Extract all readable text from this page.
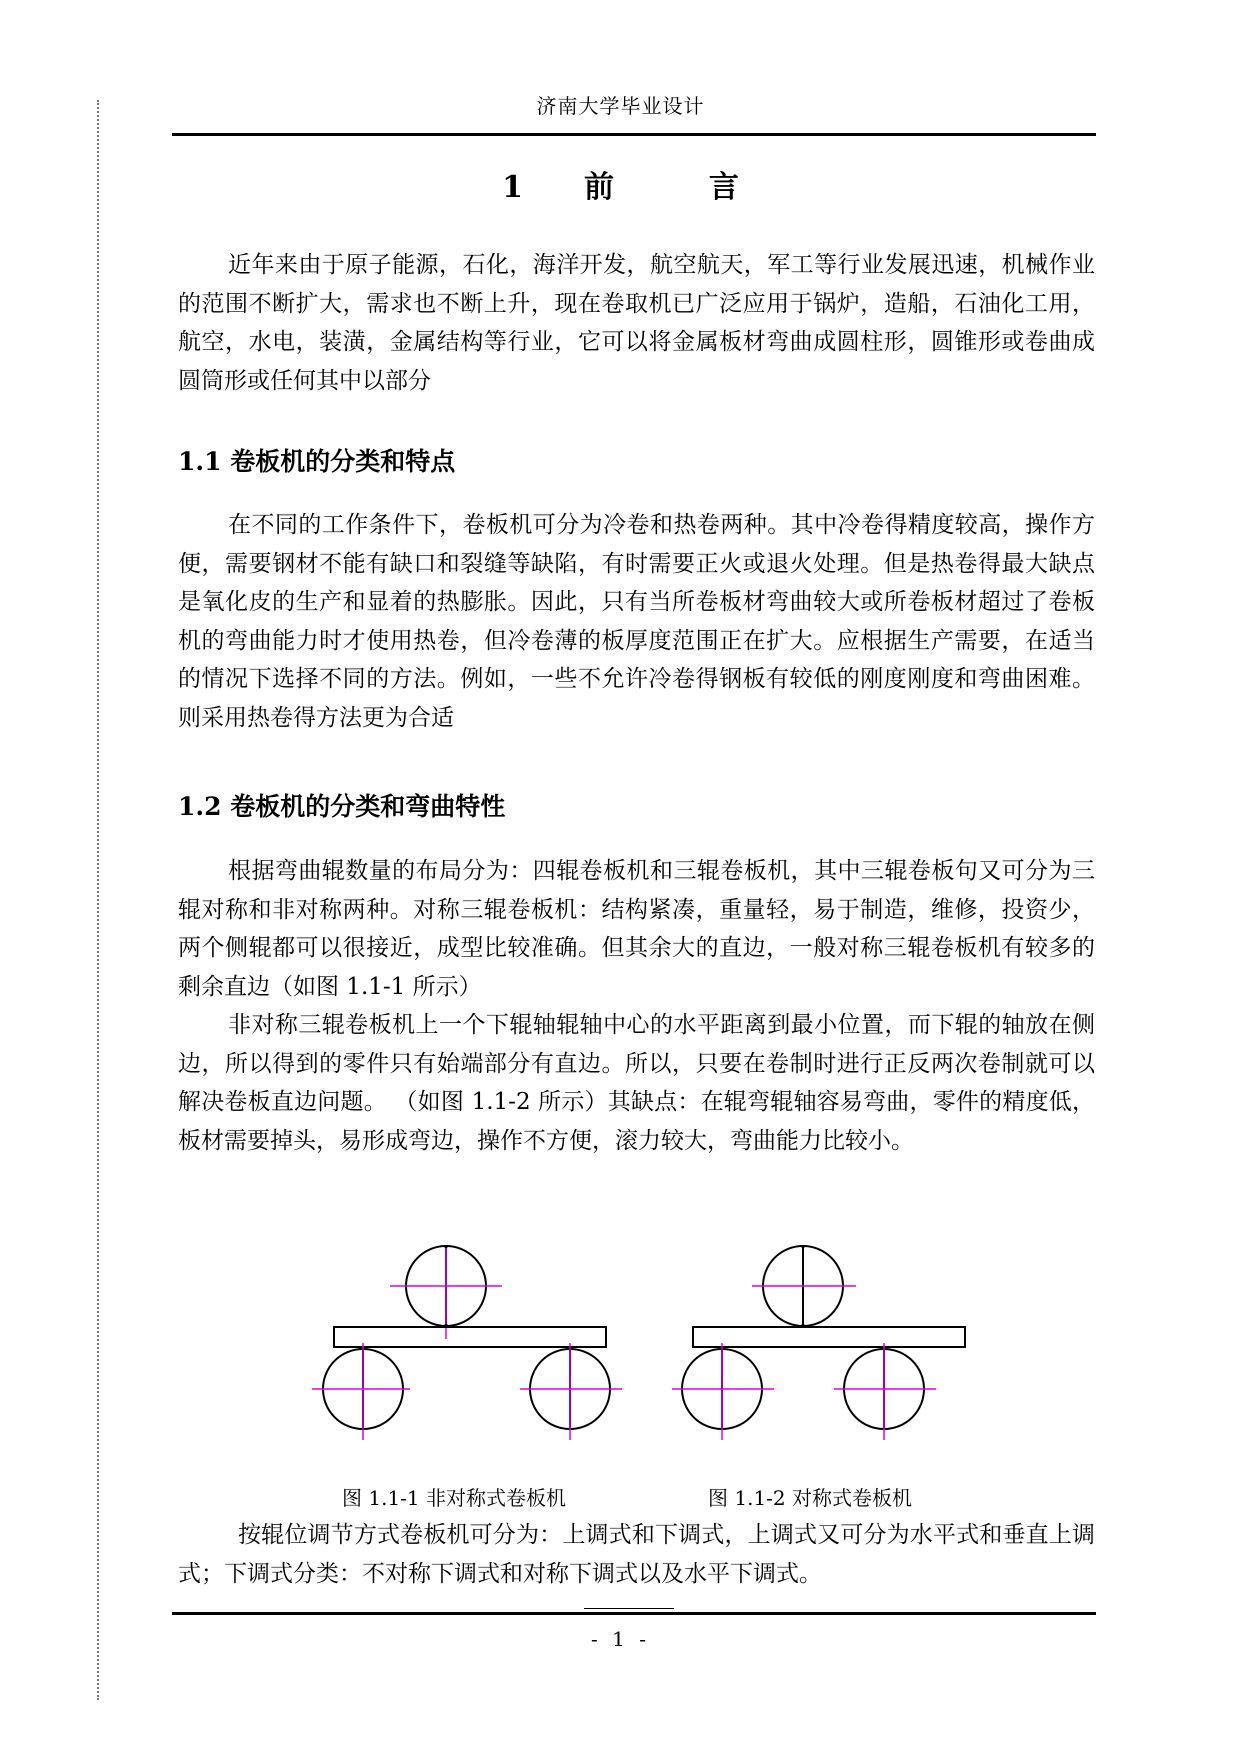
济南大学毕业设计
1 前	言

近年来由于原子能源，石化，海洋开发，航空航天，军工等行业发展迅速，机械作业的范围不断扩大，需求也不断上升，现在卷取机已广泛应用于锅炉，造船，石油化工用，航空，水电，装潢，金属结构等行业，它可以将金属板材弯曲成圆柱形，圆锥形或卷曲成圆筒形或任何其中以部分

1.1 卷板机的分类和特点

在不同的工作条件下，卷板机可分为冷卷和热卷两种。其中冷卷得精度较高，操作方便，需要钢材不能有缺口和裂缝等缺陷，有时需要正火或退火处理。但是热卷得最大缺点是氧化皮的生产和显着的热膨胀。因此，只有当所卷板材弯曲较大或所卷板材超过了卷板机的弯曲能力时才使用热卷，但冷卷薄的板厚度范围正在扩大。应根据生产需要，在适当的情况下选择不同的方法。例如，一些不允许冷卷得钢板有较低的刚度刚度和弯曲困难。则采用热卷得方法更为合适

1.2 卷板机的分类和弯曲特性

根据弯曲辊数量的布局分为：四辊卷板机和三辊卷板机，其中三辊卷板句又可分为三辊对称和非对称两种。对称三辊卷板机：结构紧凑，重量轻，易于制造，维修，投资少，两个侧辊都可以很接近，成型比较准确。但其余大的直边，一般对称三辊卷板机有较多的剩余直边（如图 1.1-1 所示）

非对称三辊卷板机上一个下辊轴辊轴中心的水平距离到最小位置，而下辊的轴放在侧边，所以得到的零件只有始端部分有直边。所以，只要在卷制时进行正反两次卷制就可以解决卷板直边问题。 （如图 1.1-2 所示）其缺点：在辊弯辊轴容易弯曲，零件的精度低，板材需要掉头，易形成弯边，操作不方便，滚力较大，弯曲能力比较小。

图 1.1-1 非对称式卷板机	图 1.1-2 对称式卷板机

按辊位调节方式卷板机可分为：上调式和下调式，上调式又可分为水平式和垂直上调式；下调式分类：不对称下调式和对称下调式以及水平下调式。

- 1 -
